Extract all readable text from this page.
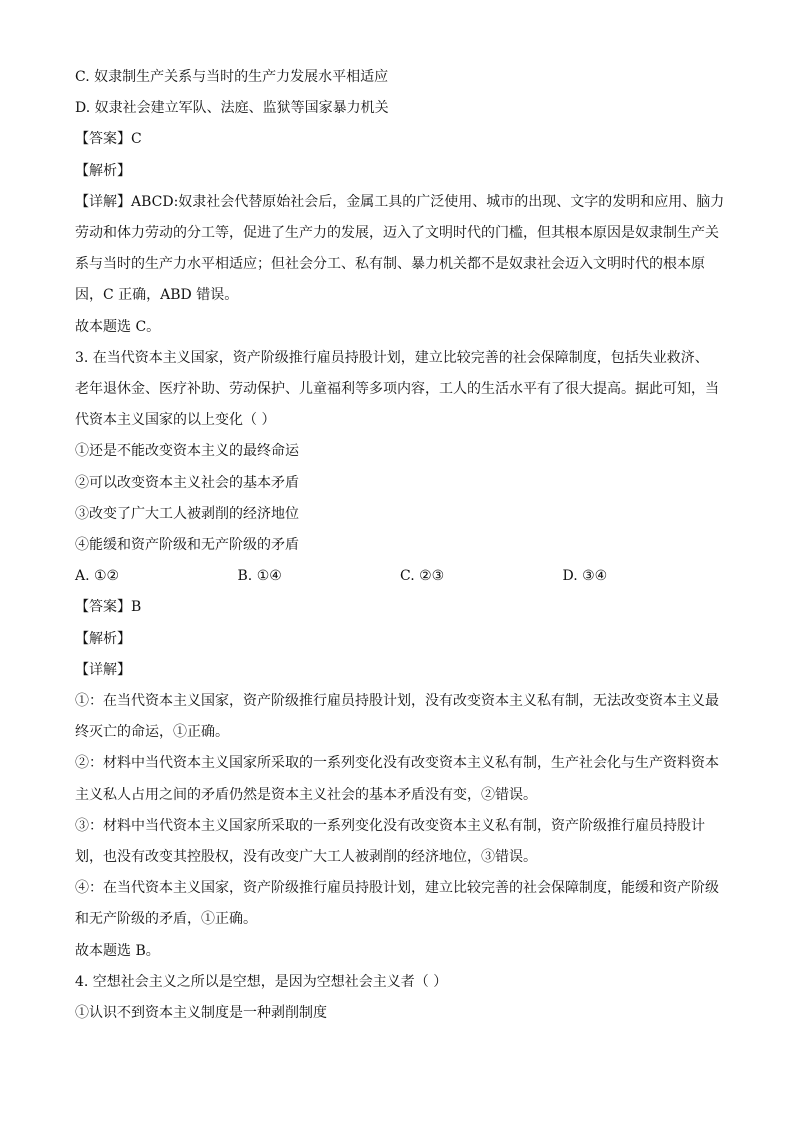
C. 奴隶制生产关系与当时的生产力发展水平相适应

D. 奴隶社会建立军队、法庭、监狱等国家暴力机关

【答案】C

【解析】

【详解】ABCD:奴隶社会代替原始社会后，金属工具的广泛使用、城市的出现、文字的发明和应用、脑力

劳动和体力劳动的分工等，促进了生产力的发展，迈入了文明时代的门槛，但其根本原因是奴隶制生产关

系与当时的生产力水平相适应；但社会分工、私有制、暴力机关都不是奴隶社会迈入文明时代的根本原

因，C 正确，ABD 错误。

故本题选 C。

3. 在当代资本主义国家，资产阶级推行雇员持股计划，建立比较完善的社会保障制度，包括失业救济、

老年退休金、医疗补助、劳动保护、儿童福利等多项内容，工人的生活水平有了很大提高。据此可知，当

代资本主义国家的以上变化（ ）

①还是不能改变资本主义的最终命运

②可以改变资本主义社会的基本矛盾

③改变了广大工人被剥削的经济地位

④能缓和资产阶级和无产阶级的矛盾

A. ①②	B. ①④	C. ②③	D. ③④

【答案】B

【解析】

【详解】

①：在当代资本主义国家，资产阶级推行雇员持股计划，没有改变资本主义私有制，无法改变资本主义最

终灭亡的命运，①正确。

②：材料中当代资本主义国家所采取的一系列变化没有改变资本主义私有制，生产社会化与生产资料资本

主义私人占用之间的矛盾仍然是资本主义社会的基本矛盾没有变，②错误。

③：材料中当代资本主义国家所采取的一系列变化没有改变资本主义私有制，资产阶级推行雇员持股计

划，也没有改变其控股权，没有改变广大工人被剥削的经济地位，③错误。

④：在当代资本主义国家，资产阶级推行雇员持股计划，建立比较完善的社会保障制度，能缓和资产阶级

和无产阶级的矛盾，①正确。

故本题选 B。

4. 空想社会主义之所以是空想，是因为空想社会主义者（ ）

①认识不到资本主义制度是一种剥削制度
